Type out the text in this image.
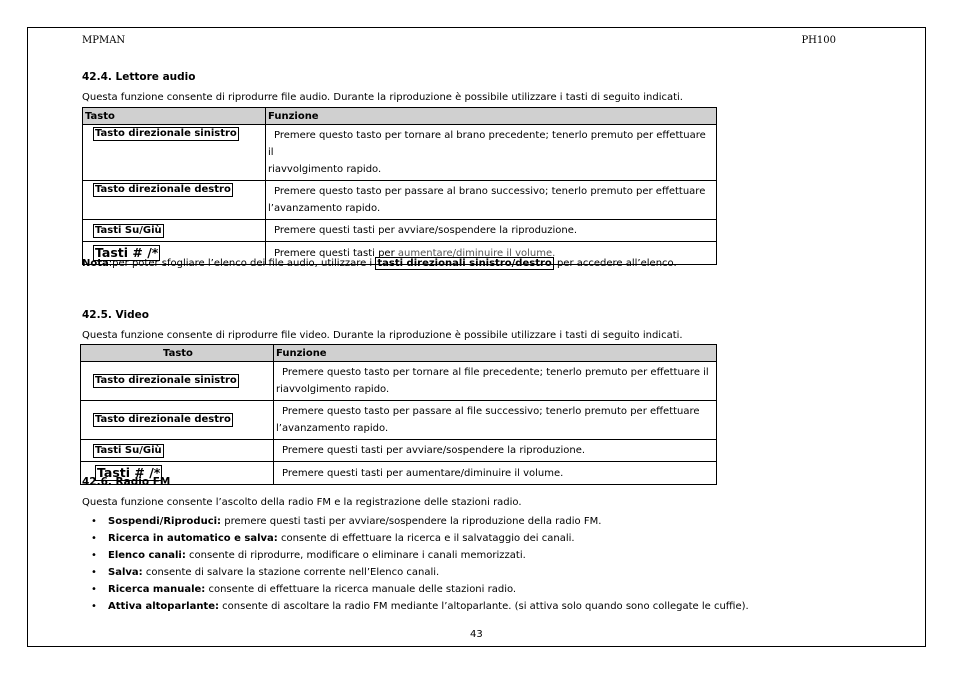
MPMAN	PH100
42.4. Lettore audio
Questa funzione consente di riprodurre file audio. Durante la riproduzione è possibile utilizzare i tasti di seguito indicati.
Tasto	Funzione
Tasto direzionale sinistro	Premere questo tasto per tornare al brano precedente; tenerlo premuto per effettuare il
riavvolgimento rapido.
Tasto direzionale destro	Premere questo tasto per passare al brano successivo; tenerlo premuto per effettuare
l’avanzamento rapido.
Tasti Su/Giù	Premere questi tasti per avviare/sospendere la riproduzione.
Tasti # /*	Premere questi tasti per aumentare/diminuire il volume.
Nota:per poter sfogliare l’elenco dei file audio, utilizzare i tasti direzionali sinistro/destro per accedere all’elenco.
42.5. Video
Questa funzione consente di riprodurre file video. Durante la riproduzione è possibile utilizzare i tasti di seguito indicati.
Tasto	Funzione
Tasto direzionale sinistro	Premere questo tasto per tornare al file precedente; tenerlo premuto per effettuare il
riavvolgimento rapido.
Tasto direzionale destro	Premere questo tasto per passare al file successivo; tenerlo premuto per effettuare
l’avanzamento rapido.
Tasti Su/Giù	Premere questi tasti per avviare/sospendere la riproduzione.
Tasti # /*	Premere questi tasti per aumentare/diminuire il volume.
42.6. Radio FM
Questa funzione consente l’ascolto della radio FM e la registrazione delle stazioni radio.
• Sospendi/Riproduci: premere questi tasti per avviare/sospendere la riproduzione della radio FM.
• Ricerca in automatico e salva: consente di effettuare la ricerca e il salvataggio dei canali.
• Elenco canali: consente di riprodurre, modificare o eliminare i canali memorizzati.
• Salva: consente di salvare la stazione corrente nell’Elenco canali.
• Ricerca manuale: consente di effettuare la ricerca manuale delle stazioni radio.
• Attiva altoparlante: consente di ascoltare la radio FM mediante l’altoparlante. (si attiva solo quando sono collegate le cuffie).
43
